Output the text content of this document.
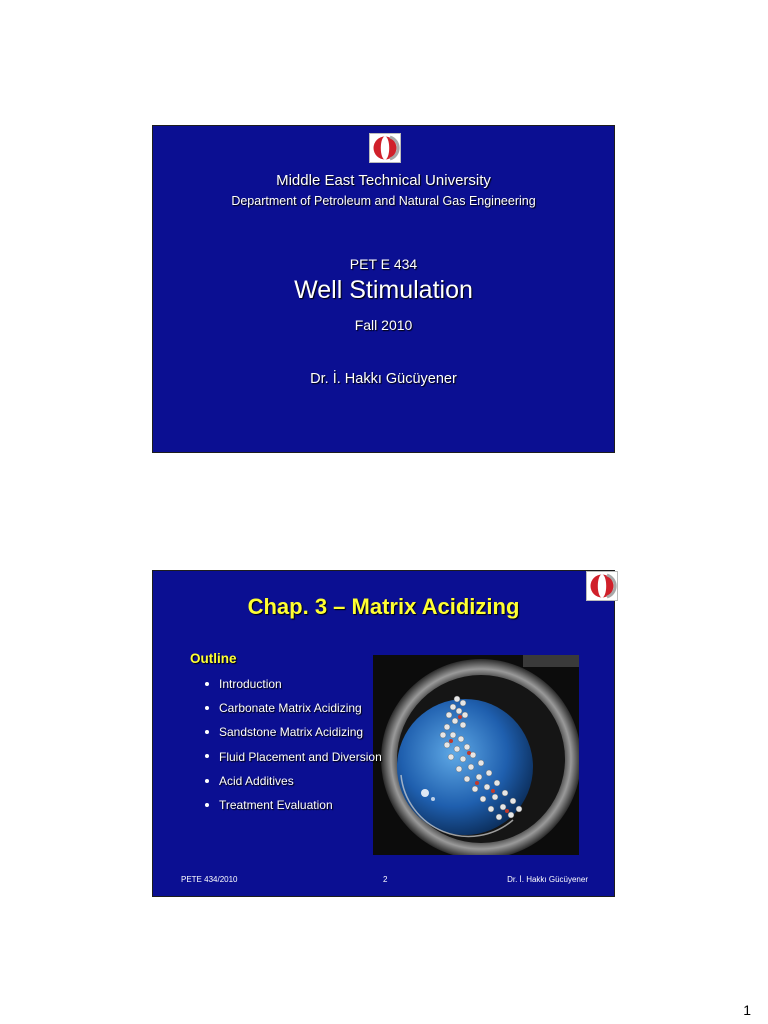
Middle East Technical University
Department of Petroleum and Natural Gas Engineering
PET E 434
Well Stimulation
Fall 2010
Dr. İ. Hakkı Gücüyener
Chap. 3 – Matrix Acidizing
Outline
Introduction
Carbonate Matrix Acidizing
Sandstone Matrix Acidizing
Fluid Placement and Diversion
Acid Additives
Treatment Evaluation
PETE 434/2010	2	Dr. İ. Hakkı Gücüyener
1
